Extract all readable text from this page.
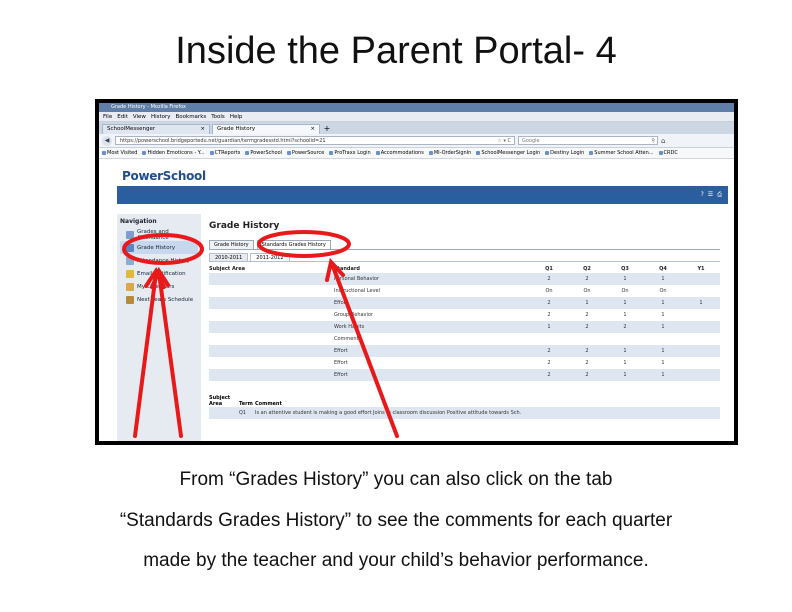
Inside the Parent Portal- 4
Grade History - Mozilla Firefox
File Edit View History Bookmarks Tools Help
SchoolMessenger	× Grade History	× +
◀	https://powerschool.bridgeportedu.net/guardian/termgradesstd.html?schoolid=21	☆ ▾ C	Google	⚲ ⌂
Most Visited Hidden Emoticons - Y... CTReports PowerSchool PowerSource ProTraxx Login Accommodations MI-OrderSignIn SchoolMessenger Login Destiny Login Summer School Atten... CRDC
PowerSchool
? ☰ ⎙
Navigation
Grades and Attendance
Grade History
Attendance History
Email Notification
My Calendars
Next Years Schedule
Grade History
Grade History	Standards Grades History
2010-2011	2011-2012
Subject Area	Standard	Q1	Q2	Q3	Q4	Y1
	Personal Behavior	2	2	1	1	
	Instructional Level	On	On	On	On	
	Effort	2	1	1	1	1
	Group Behavior	2	2	1	1	
	Work Habits	1	2	2	1	
	Comments					
	Effort	2	2	1	1	
	Effort	2	2	1	1	
	Effort	2	2	1	1	
Subject Area	Term	Comment
	Q1	Is an attentive student is making a good effort Joins in classroom discussion Positive attitude towards Sch.
From “Grades History” you can also click on the tab
“Standards Grades History” to see the comments for each quarter
made by the teacher and your child’s behavior performance.
